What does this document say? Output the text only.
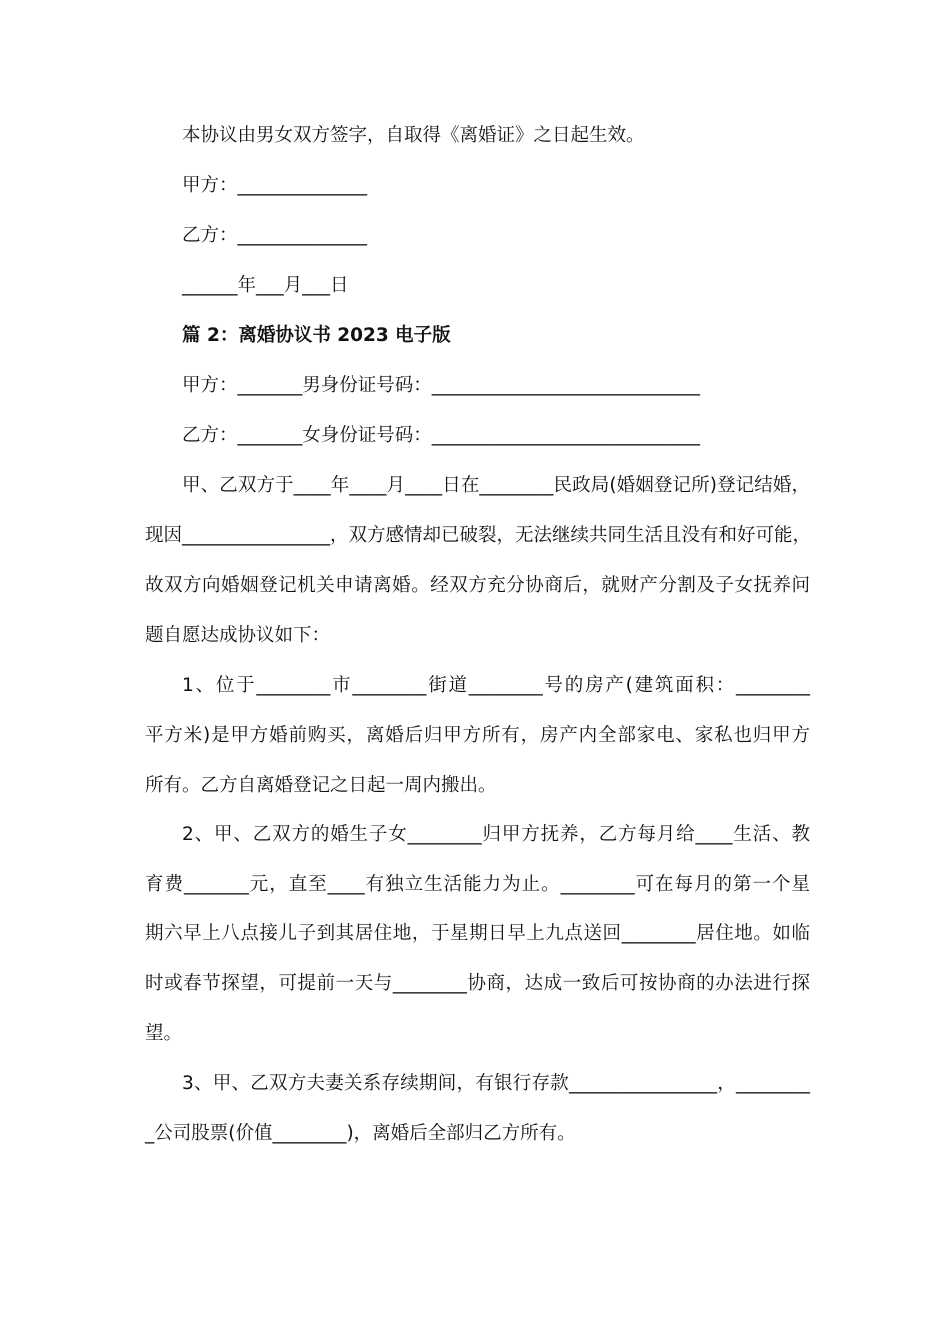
本协议由男女双方签字，自取得《离婚证》之日起生效。
甲方：______________
乙方：______________
______年___月___日
篇 2：离婚协议书 2023 电子版
甲方：_______男身份证号码：_____________________________
乙方：_______女身份证号码：_____________________________
甲、乙双方于____年____月____日在________民政局(婚姻登记所)登记结婚，
现因________________，双方感情却已破裂，无法继续共同生活且没有和好可能，
故双方向婚姻登记机关申请离婚。经双方充分协商后，就财产分割及子女抚养问
题自愿达成协议如下：
1、位于________市________街道________号的房产(建筑面积：________
平方米)是甲方婚前购买，离婚后归甲方所有，房产内全部家电、家私也归甲方
所有。乙方自离婚登记之日起一周内搬出。
2、甲、乙双方的婚生子女________归甲方抚养，乙方每月给____生活、教
育费_______元，直至____有独立生活能力为止。________可在每月的第一个星
期六早上八点接儿子到其居住地，于星期日早上九点送回________居住地。如临
时或春节探望，可提前一天与________协商，达成一致后可按协商的办法进行探
望。
3、甲、乙双方夫妻关系存续期间，有银行存款________________，________
_公司股票(价值________)，离婚后全部归乙方所有。
